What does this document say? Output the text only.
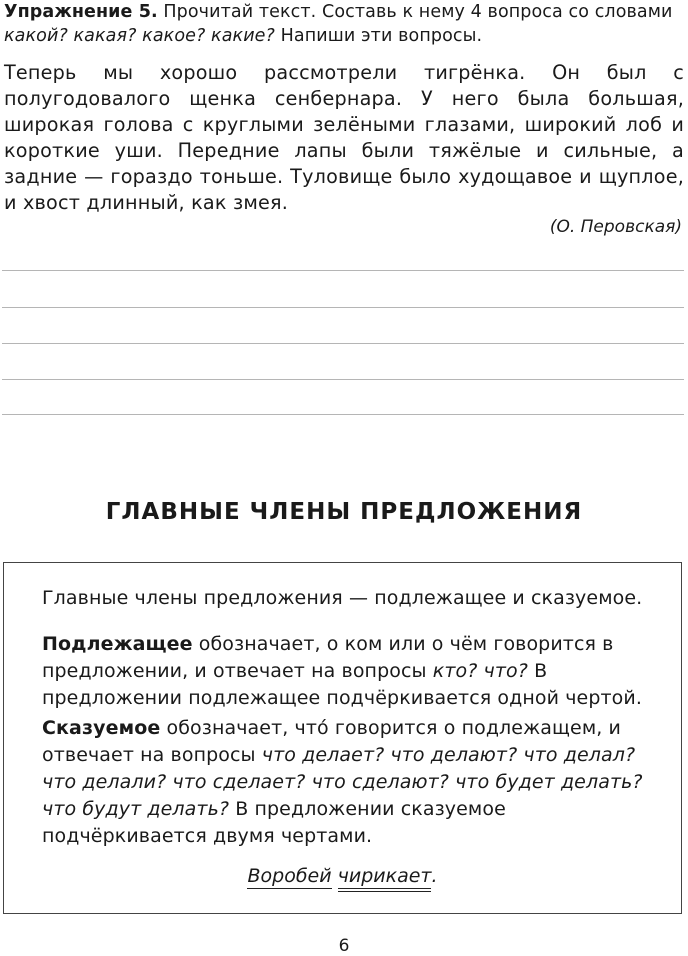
Упражнение 5. Прочитай текст. Составь к нему 4 вопроса со словами какой? какая? какое? какие? Напиши эти вопросы.
Теперь мы хорошо рассмотрели тигрёнка. Он был с полугодовалого щенка сенбернара. У него была большая, широкая голова с круглыми зелёными глазами, широкий лоб и короткие уши. Передние лапы были тяжёлые и сильные, а задние — гораздо тоньше. Туловище было худощавое и щуплое, и хвост длинный, как змея.
(О. Перовская)
ГЛАВНЫЕ ЧЛЕНЫ ПРЕДЛОЖЕНИЯ
Главные члены предложения — подлежащее и сказуемое.
Подлежащее обозначает, о ком или о чём говорится в предложении, и отвечает на вопросы кто? что? В предложении подлежащее подчёркивается одной чертой.
Сказуемое обозначает, что́ говорится о подлежащем, и отвечает на вопросы что делает? что делают? что делал? что делали? что сделает? что сделают? что будет делать? что будут делать? В предложении сказуемое подчёркивается двумя чертами.
Воробей чирикает.
6
